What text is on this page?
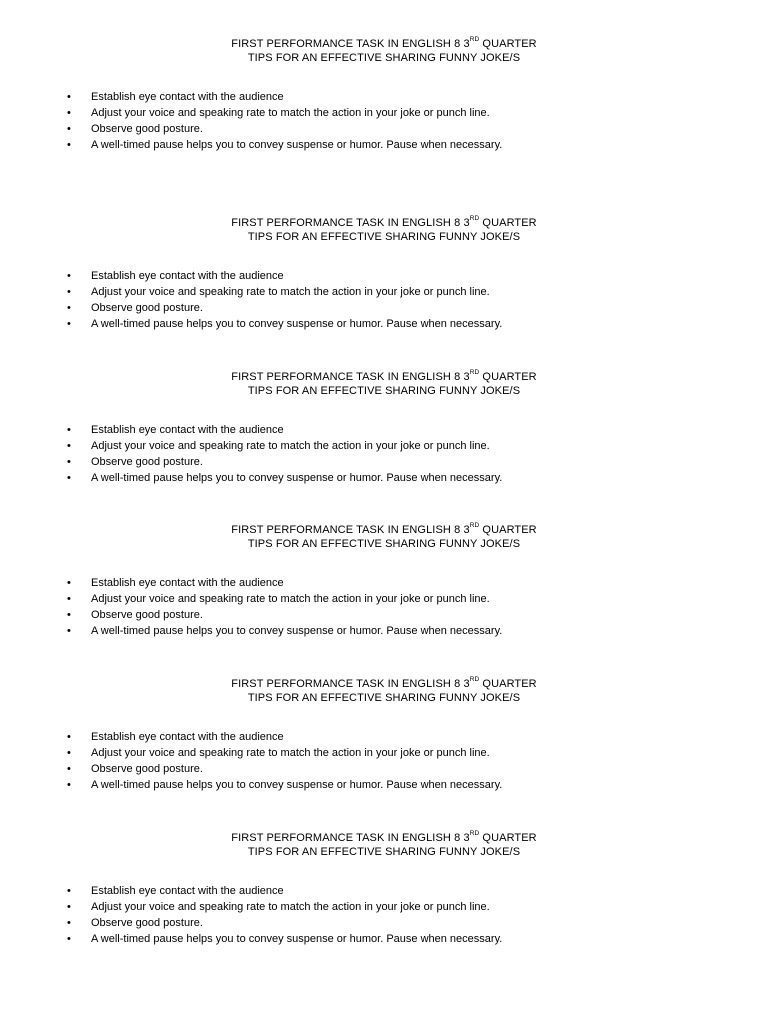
FIRST PERFORMANCE TASK IN ENGLISH 8 3RD QUARTER
TIPS FOR AN EFFECTIVE SHARING FUNNY JOKE/S
• Establish eye contact with the audience
• Adjust your voice and speaking rate to match the action in your joke or punch line.
• Observe good posture.
• A well-timed pause helps you to convey suspense or humor. Pause when necessary.
FIRST PERFORMANCE TASK IN ENGLISH 8 3RD QUARTER
TIPS FOR AN EFFECTIVE SHARING FUNNY JOKE/S
• Establish eye contact with the audience
• Adjust your voice and speaking rate to match the action in your joke or punch line.
• Observe good posture.
• A well-timed pause helps you to convey suspense or humor. Pause when necessary.
FIRST PERFORMANCE TASK IN ENGLISH 8 3RD QUARTER
TIPS FOR AN EFFECTIVE SHARING FUNNY JOKE/S
• Establish eye contact with the audience
• Adjust your voice and speaking rate to match the action in your joke or punch line.
• Observe good posture.
• A well-timed pause helps you to convey suspense or humor. Pause when necessary.
FIRST PERFORMANCE TASK IN ENGLISH 8 3RD QUARTER
TIPS FOR AN EFFECTIVE SHARING FUNNY JOKE/S
• Establish eye contact with the audience
• Adjust your voice and speaking rate to match the action in your joke or punch line.
• Observe good posture.
• A well-timed pause helps you to convey suspense or humor. Pause when necessary.
FIRST PERFORMANCE TASK IN ENGLISH 8 3RD QUARTER
TIPS FOR AN EFFECTIVE SHARING FUNNY JOKE/S
• Establish eye contact with the audience
• Adjust your voice and speaking rate to match the action in your joke or punch line.
• Observe good posture.
• A well-timed pause helps you to convey suspense or humor. Pause when necessary.
FIRST PERFORMANCE TASK IN ENGLISH 8 3RD QUARTER
TIPS FOR AN EFFECTIVE SHARING FUNNY JOKE/S
• Establish eye contact with the audience
• Adjust your voice and speaking rate to match the action in your joke or punch line.
• Observe good posture.
• A well-timed pause helps you to convey suspense or humor. Pause when necessary.
